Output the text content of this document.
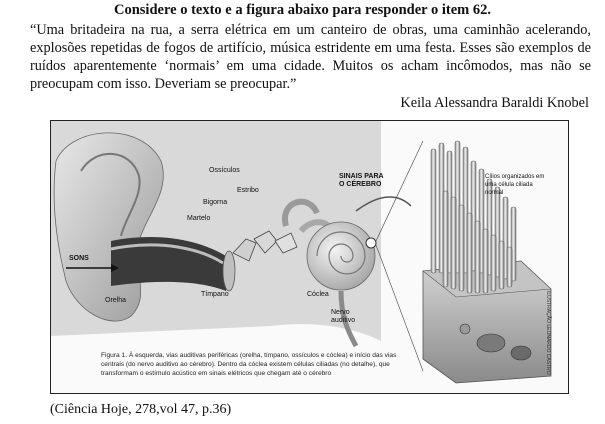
Considere o texto e a figura abaixo para responder o item 62.
“Uma britadeira na rua, a serra elétrica em um canteiro de obras, uma caminhão acelerando, explosões repetidas de fogos de artifício, música estridente em uma festa. Esses são exemplos de ruídos aparentemente ‘normais’ em uma cidade. Muitos os acham incômodos, mas não se preocupam com isso. Deveriam se preocupar.”
Keila Alessandra Baraldi Knobel
Ossículos
Estribo
Bigorna
Martelo
SONS
Orelha
Tímpano	Cóclea
Nervo auditivo
SINAIS PARA
O CÉREBRO
Cílios organizados em uma célula ciliada normal
Figura 1. À esquerda, vias auditivas periféricas (orelha, tímpano, ossículos e cóclea) e início das vias centrais (do nervo auditivo ao cérebro). Dentro da cóclea existem células ciliadas (no detalhe), que transformam o estímulo acústico em sinais elétricos que chegam até o cérebro	ILUSTRAÇÃO LEONARDO CASTRO
(Ciência Hoje, 278,vol 47, p.36)
